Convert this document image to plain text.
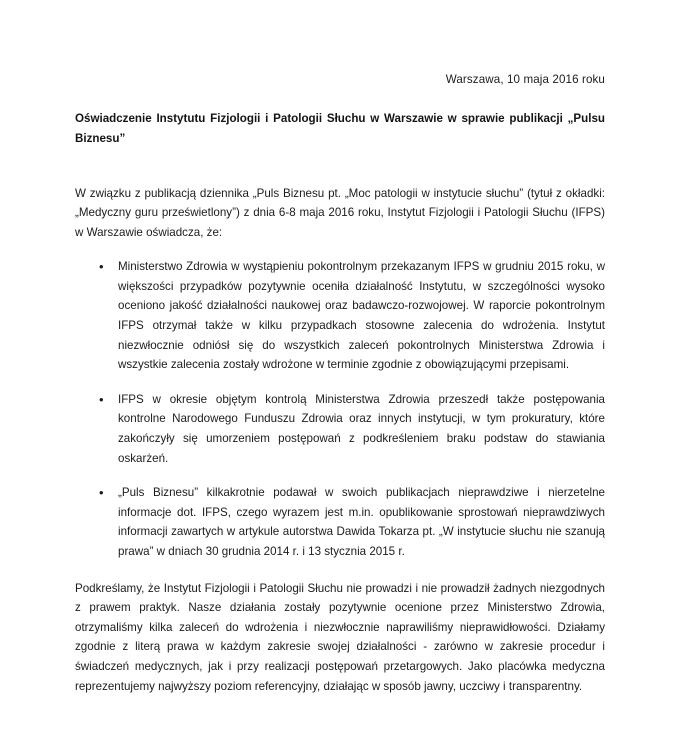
Warszawa, 10 maja 2016 roku
Oświadczenie Instytutu Fizjologii i Patologii Słuchu w Warszawie w sprawie publikacji „Pulsu Biznesu”

W związku z publikacją dziennika „Puls Biznesu pt. „Moc patologii w instytucie słuchu” (tytuł z okładki: „Medyczny guru prześwietlony”) z dnia 6-8 maja 2016 roku, Instytut Fizjologii i Patologii Słuchu (IFPS) w Warszawie oświadcza, że:

•	Ministerstwo Zdrowia w wystąpieniu pokontrolnym przekazanym IFPS w grudniu 2015 roku, w większości przypadków pozytywnie oceniła działalność Instytutu, w szczególności wysoko oceniono jakość działalności naukowej oraz badawczo-rozwojowej. W raporcie pokontrolnym IFPS otrzymał także w kilku przypadkach stosowne zalecenia do wdrożenia. Instytut niezwłocznie odniósł się do wszystkich zaleceń pokontrolnych Ministerstwa Zdrowia i wszystkie zalecenia zostały wdrożone w terminie zgodnie z obowiązującymi przepisami.
•	IFPS w okresie objętym kontrolą Ministerstwa Zdrowia przeszedł także postępowania kontrolne Narodowego Funduszu Zdrowia oraz innych instytucji, w tym prokuratury, które zakończyły się umorzeniem postępowań z podkreśleniem braku podstaw do stawiania oskarżeń.
•	„Puls Biznesu” kilkakrotnie podawał w swoich publikacjach nieprawdziwe i nierzetelne informacje dot. IFPS, czego wyrazem jest m.in. opublikowanie sprostowań nieprawdziwych informacji zawartych w artykule autorstwa Dawida Tokarza pt. „W instytucie słuchu nie szanują prawa” w dniach 30 grudnia 2014 r. i 13 stycznia 2015 r.

Podkreślamy, że Instytut Fizjologii i Patologii Słuchu nie prowadzi i nie prowadził żadnych niezgodnych z prawem praktyk. Nasze działania zostały pozytywnie ocenione przez Ministerstwo Zdrowia, otrzymaliśmy kilka zaleceń do wdrożenia i niezwłocznie naprawiliśmy nieprawidłowości. Działamy zgodnie z literą prawa w każdym zakresie swojej działalności - zarówno w zakresie procedur i świadczeń medycznych, jak i przy realizacji postępowań przetargowych. Jako placówka medyczna reprezentujemy najwyższy poziom referencyjny, działając w sposób jawny, uczciwy i transparentny.
